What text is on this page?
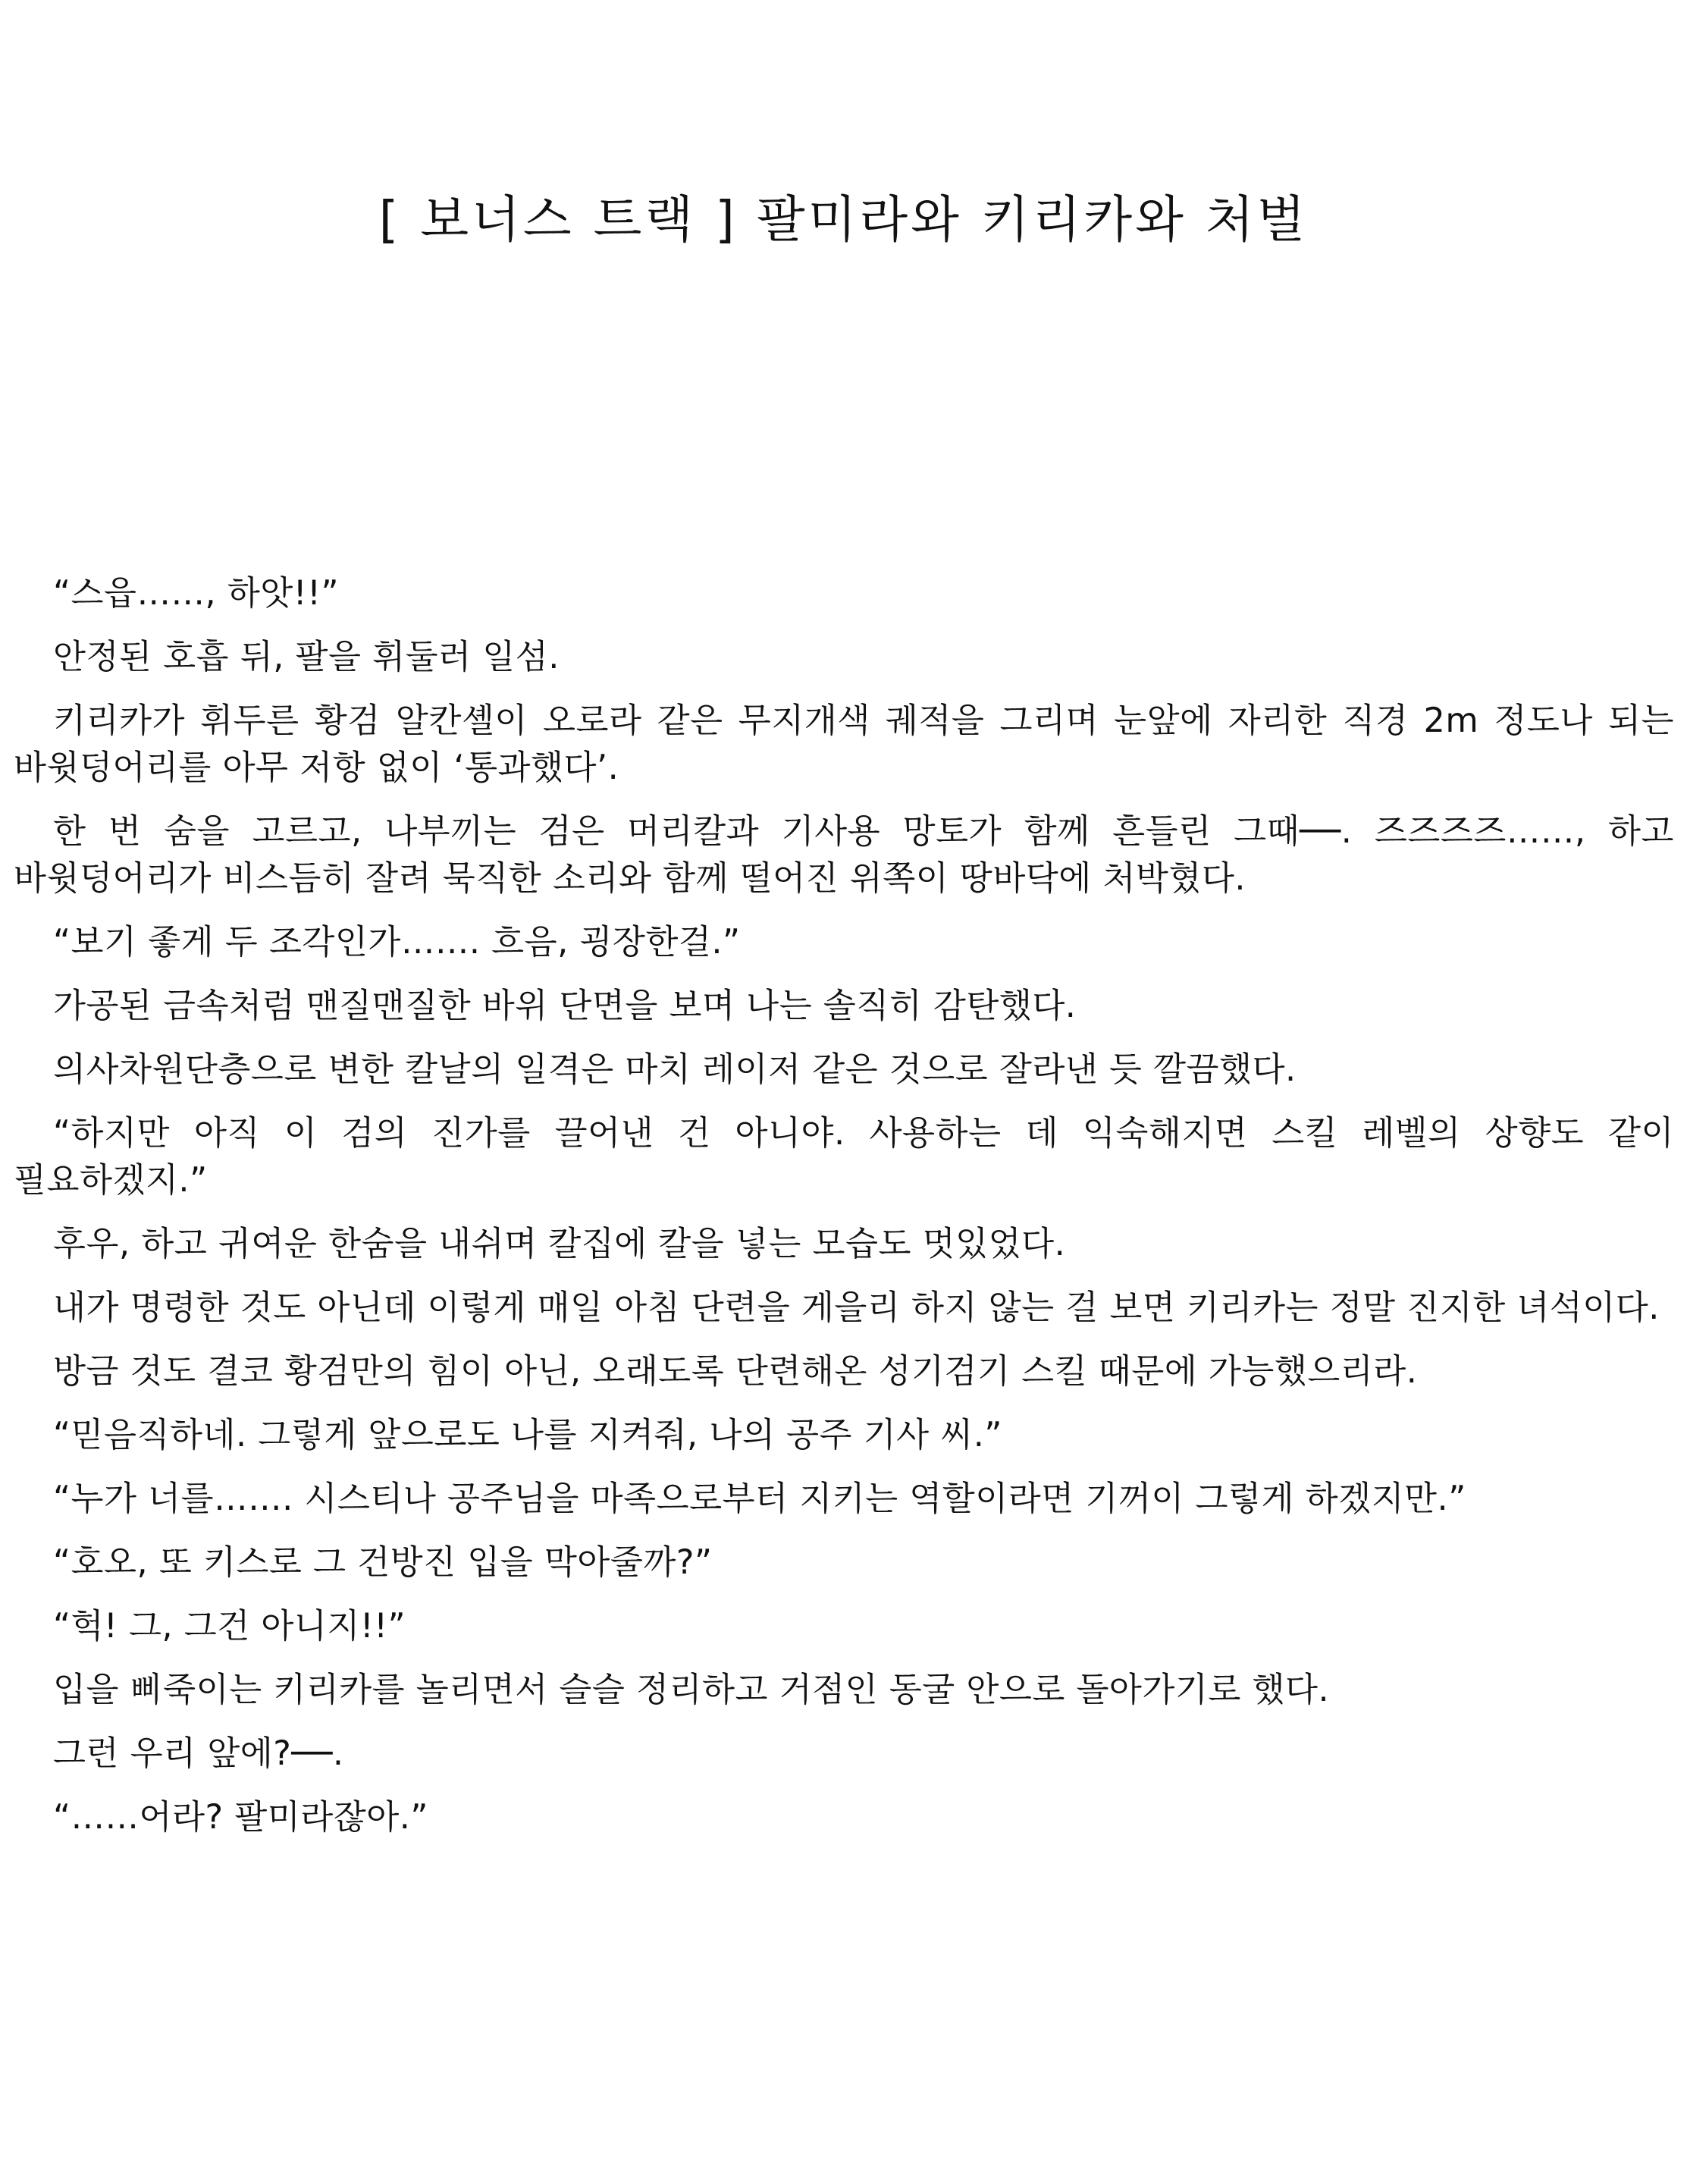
[ 보너스 트랙 ] 팔미라와 키리카와 처벌

“스읍……, 하앗!!”

안정된 호흡 뒤, 팔을 휘둘러 일섬.

키리카가 휘두른 황검 알칸셸이 오로라 같은 무지개색 궤적을 그리며 눈앞에 자리한 직경 2m 정도나 되는 바윗덩어리를 아무 저항 없이 ‘통과했다’.

한 번 숨을 고르고, 나부끼는 검은 머리칼과 기사용 망토가 함께 흔들린 그때──. 즈즈즈즈……, 하고 바윗덩어리가 비스듬히 잘려 묵직한 소리와 함께 떨어진 위쪽이 땅바닥에 처박혔다.

“보기 좋게 두 조각인가……. 흐음, 굉장한걸.”

가공된 금속처럼 맨질맨질한 바위 단면을 보며 나는 솔직히 감탄했다.

의사차원단층으로 변한 칼날의 일격은 마치 레이저 같은 것으로 잘라낸 듯 깔끔했다.

“하지만 아직 이 검의 진가를 끌어낸 건 아니야. 사용하는 데 익숙해지면 스킬 레벨의 상향도 같이 필요하겠지.”

후우, 하고 귀여운 한숨을 내쉬며 칼집에 칼을 넣는 모습도 멋있었다.

내가 명령한 것도 아닌데 이렇게 매일 아침 단련을 게을리 하지 않는 걸 보면 키리카는 정말 진지한 녀석이다.

방금 것도 결코 황검만의 힘이 아닌, 오래도록 단련해온 성기검기 스킬 때문에 가능했으리라.

“믿음직하네. 그렇게 앞으로도 나를 지켜줘, 나의 공주 기사 씨.”

“누가 너를……. 시스티나 공주님을 마족으로부터 지키는 역할이라면 기꺼이 그렇게 하겠지만.”

“호오, 또 키스로 그 건방진 입을 막아줄까?”

“헉! 그, 그건 아니지!!”

입을 삐죽이는 키리카를 놀리면서 슬슬 정리하고 거점인 동굴 안으로 돌아가기로 했다.

그런 우리 앞에?──.

“……어라? 팔미라잖아.”
